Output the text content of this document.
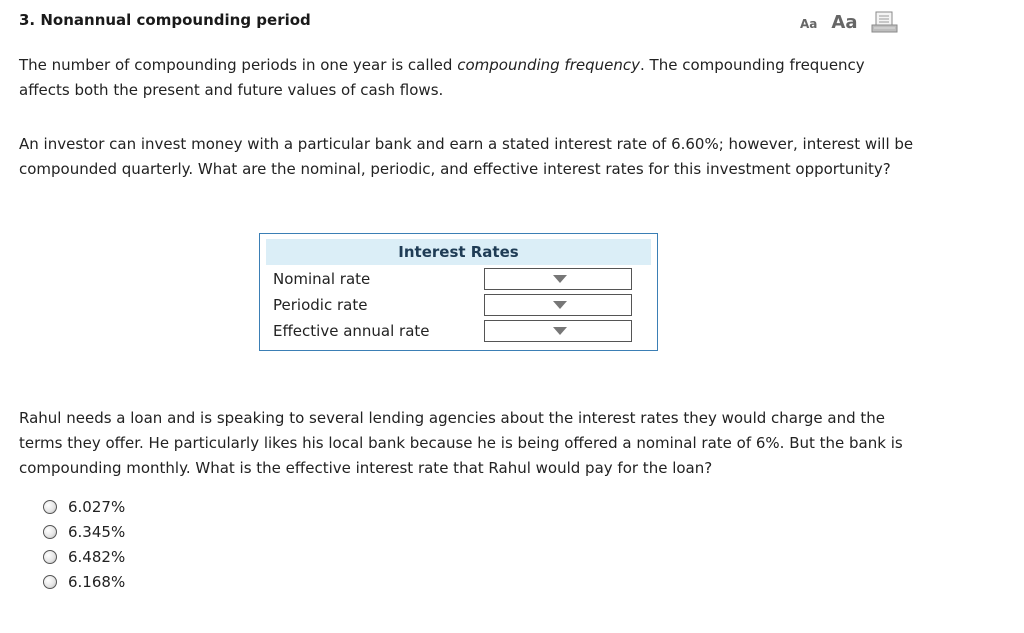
3. Nonannual compounding period	Aa Aa
The number of compounding periods in one year is called compounding frequency. The compounding frequency affects both the present and future values of cash flows.
An investor can invest money with a particular bank and earn a stated interest rate of 6.60%; however, interest will be compounded quarterly. What are the nominal, periodic, and effective interest rates for this investment opportunity?
Interest Rates
Nominal rate
Periodic rate
Effective annual rate
Rahul needs a loan and is speaking to several lending agencies about the interest rates they would charge and the terms they offer. He particularly likes his local bank because he is being offered a nominal rate of 6%. But the bank is compounding monthly. What is the effective interest rate that Rahul would pay for the loan?
6.027%
6.345%
6.482%
6.168%
